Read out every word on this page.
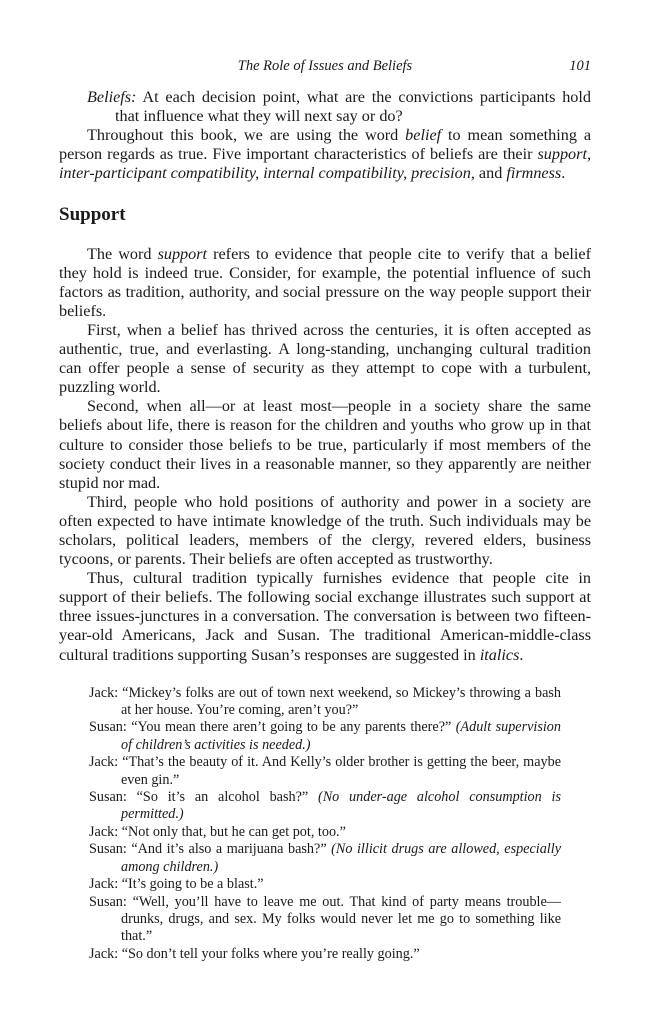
The Role of Issues and Beliefs	101

Beliefs: At each decision point, what are the convictions participants hold that influence what they will next say or do?

Throughout this book, we are using the word belief to mean something a person regards as true. Five important characteristics of beliefs are their support, inter-participant compatibility, internal compatibility, precision, and firmness.

Support

The word support refers to evidence that people cite to verify that a belief they hold is indeed true. Consider, for example, the potential influence of such factors as tradition, authority, and social pressure on the way people support their beliefs.

First, when a belief has thrived across the centuries, it is often accepted as authentic, true, and everlasting. A long-standing, unchanging cultural tradition can offer people a sense of security as they attempt to cope with a turbulent, puzzling world.

Second, when all—or at least most—people in a society share the same beliefs about life, there is reason for the children and youths who grow up in that culture to consider those beliefs to be true, particularly if most members of the society conduct their lives in a reasonable manner, so they apparently are neither stupid nor mad.

Third, people who hold positions of authority and power in a society are often expected to have intimate knowledge of the truth. Such individuals may be scholars, political leaders, members of the clergy, revered elders, business tycoons, or parents. Their beliefs are often accepted as trustworthy.

Thus, cultural tradition typically furnishes evidence that people cite in support of their beliefs. The following social exchange illustrates such support at three issues-junctures in a conversation. The conversation is between two fifteen-year-old Americans, Jack and Susan. The traditional American-middle-class cultural traditions supporting Susan’s responses are suggested in italics.

Jack: “Mickey’s folks are out of town next weekend, so Mickey’s throwing a bash at her house. You’re coming, aren’t you?”

Susan: “You mean there aren’t going to be any parents there?” (Adult supervision of children’s activities is needed.)

Jack: “That’s the beauty of it. And Kelly’s older brother is getting the beer, maybe even gin.”

Susan: “So it’s an alcohol bash?” (No under-age alcohol consumption is permitted.)

Jack: “Not only that, but he can get pot, too.”

Susan: “And it’s also a marijuana bash?” (No illicit drugs are allowed, especially among children.)

Jack: “It’s going to be a blast.”

Susan: “Well, you’ll have to leave me out. That kind of party means trouble—drunks, drugs, and sex. My folks would never let me go to something like that.”

Jack: “So don’t tell your folks where you’re really going.”
